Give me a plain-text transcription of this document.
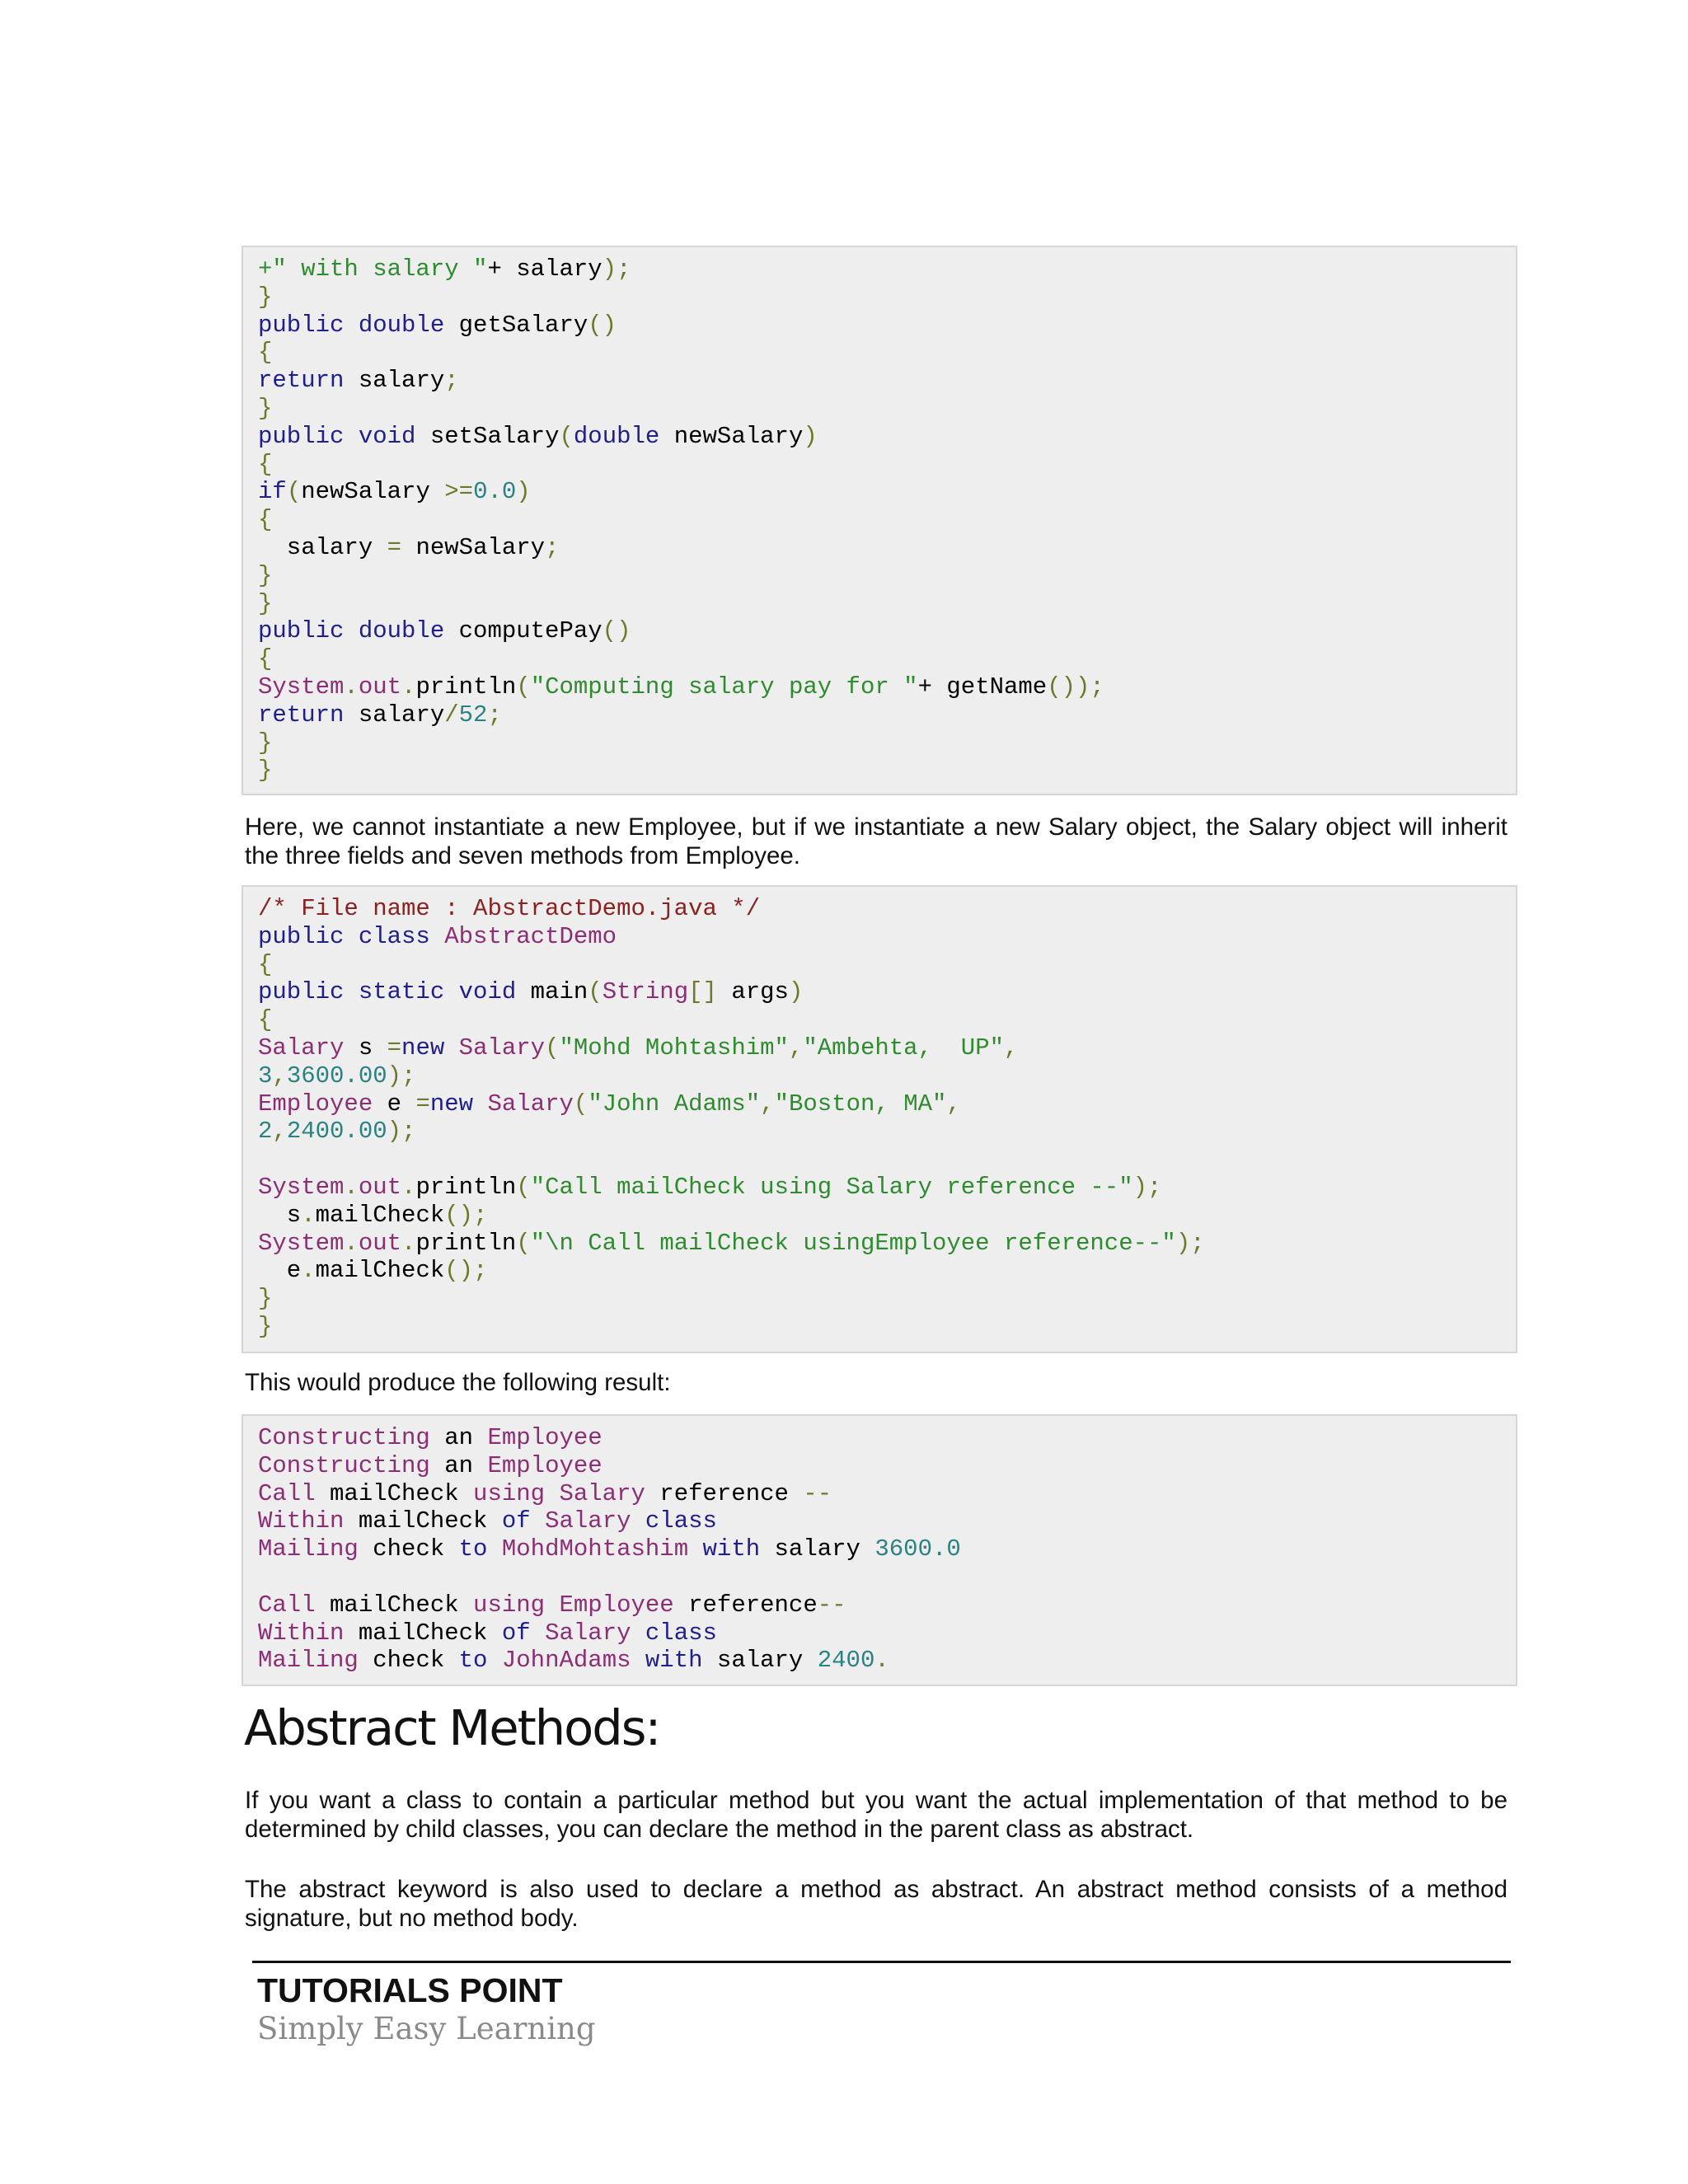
+" with salary "+ salary);
}
public double getSalary()
{
return salary;
}
public void setSalary(double newSalary)
{
if(newSalary >=0.0)
{
salary = newSalary;
}
}
public double computePay()
{
System.out.println("Computing salary pay for "+ getName());
return salary/52;
}
}
Here, we cannot instantiate a new Employee, but if we instantiate a new Salary object, the Salary object will inherit the three fields and seven methods from Employee.
/* File name : AbstractDemo.java */
public class AbstractDemo
{
public static void main(String[] args)
{
Salary s =new Salary("Mohd Mohtashim","Ambehta,  UP",
3,3600.00);
Employee e =new Salary("John Adams","Boston, MA",
2,2400.00);
System.out.println("Call mailCheck using Salary reference --");
s.mailCheck();
System.out.println("\n Call mailCheck usingEmployee reference--");
e.mailCheck();
}
}
This would produce the following result:
Constructing an Employee
Constructing an Employee
Call mailCheck using Salary reference --
Within mailCheck of Salary class
Mailing check to MohdMohtashim with salary 3600.0
Call mailCheck using Employee reference--
Within mailCheck of Salary class
Mailing check to JohnAdams with salary 2400.
Abstract Methods:
If you want a class to contain a particular method but you want the actual implementation of that method to be determined by child classes, you can declare the method in the parent class as abstract.
The abstract keyword is also used to declare a method as abstract. An abstract method consists of a method signature, but no method body.
TUTORIALS POINT
Simply Easy Learning
